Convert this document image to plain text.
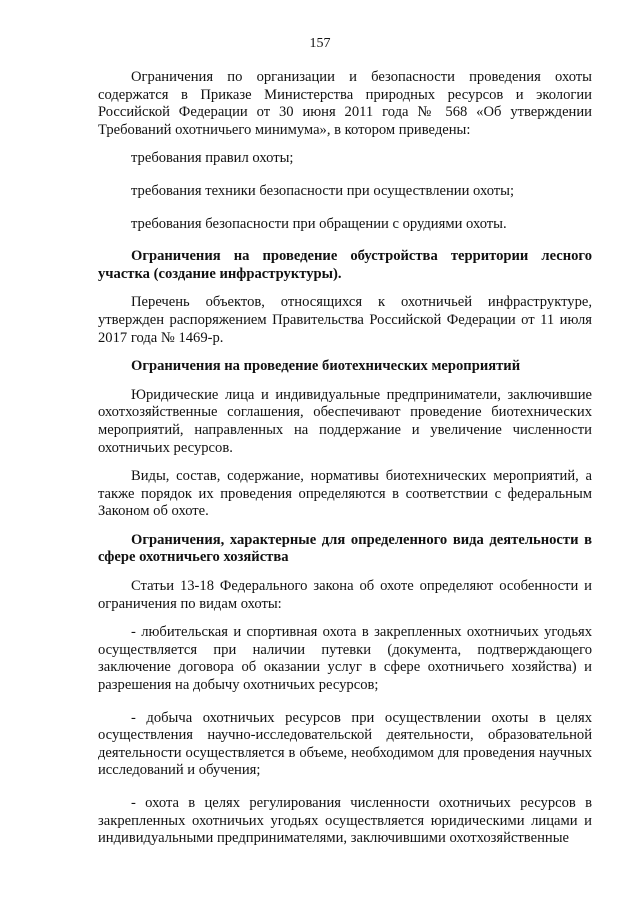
157

Ограничения по организации и безопасности проведения охоты содержатся в Приказе Министерства природных ресурсов и экологии Российской Федерации от 30 июня 2011 года № 568 «Об утверждении Требований охотничьего минимума», в котором приведены:

требования правил охоты;

требования техники безопасности при осуществлении охоты;

требования безопасности при обращении с орудиями охоты.

Ограничения на проведение обустройства территории лесного участка (создание инфраструктуры).

Перечень объектов, относящихся к охотничьей инфраструктуре, утвержден распоряжением Правительства Российской Федерации от 11 июля 2017 года № 1469-р.

Ограничения на проведение биотехнических мероприятий

Юридические лица и индивидуальные предприниматели, заключившие охотхозяйственные соглашения, обеспечивают проведение биотехнических мероприятий, направленных на поддержание и увеличение численности охотничьих ресурсов.

Виды, состав, содержание, нормативы биотехнических мероприятий, а также порядок их проведения определяются в соответствии с федеральным Законом об охоте.

Ограничения, характерные для определенного вида деятельности в сфере охотничьего хозяйства

Статьи 13-18 Федерального закона об охоте определяют особенности и ограничения по видам охоты:

- любительская и спортивная охота в закрепленных охотничьих угодьях осуществляется при наличии путевки (документа, подтверждающего заключение договора об оказании услуг в сфере охотничьего хозяйства) и разрешения на добычу охотничьих ресурсов;

- добыча охотничьих ресурсов при осуществлении охоты в целях осуществления научно-исследовательской деятельности, образовательной деятельности осуществляется в объеме, необходимом для проведения научных исследований и обучения;

- охота в целях регулирования численности охотничьих ресурсов в закрепленных охотничьих угодьях осуществляется юридическими лицами и индивидуальными предпринимателями, заключившими охотхозяйственные
